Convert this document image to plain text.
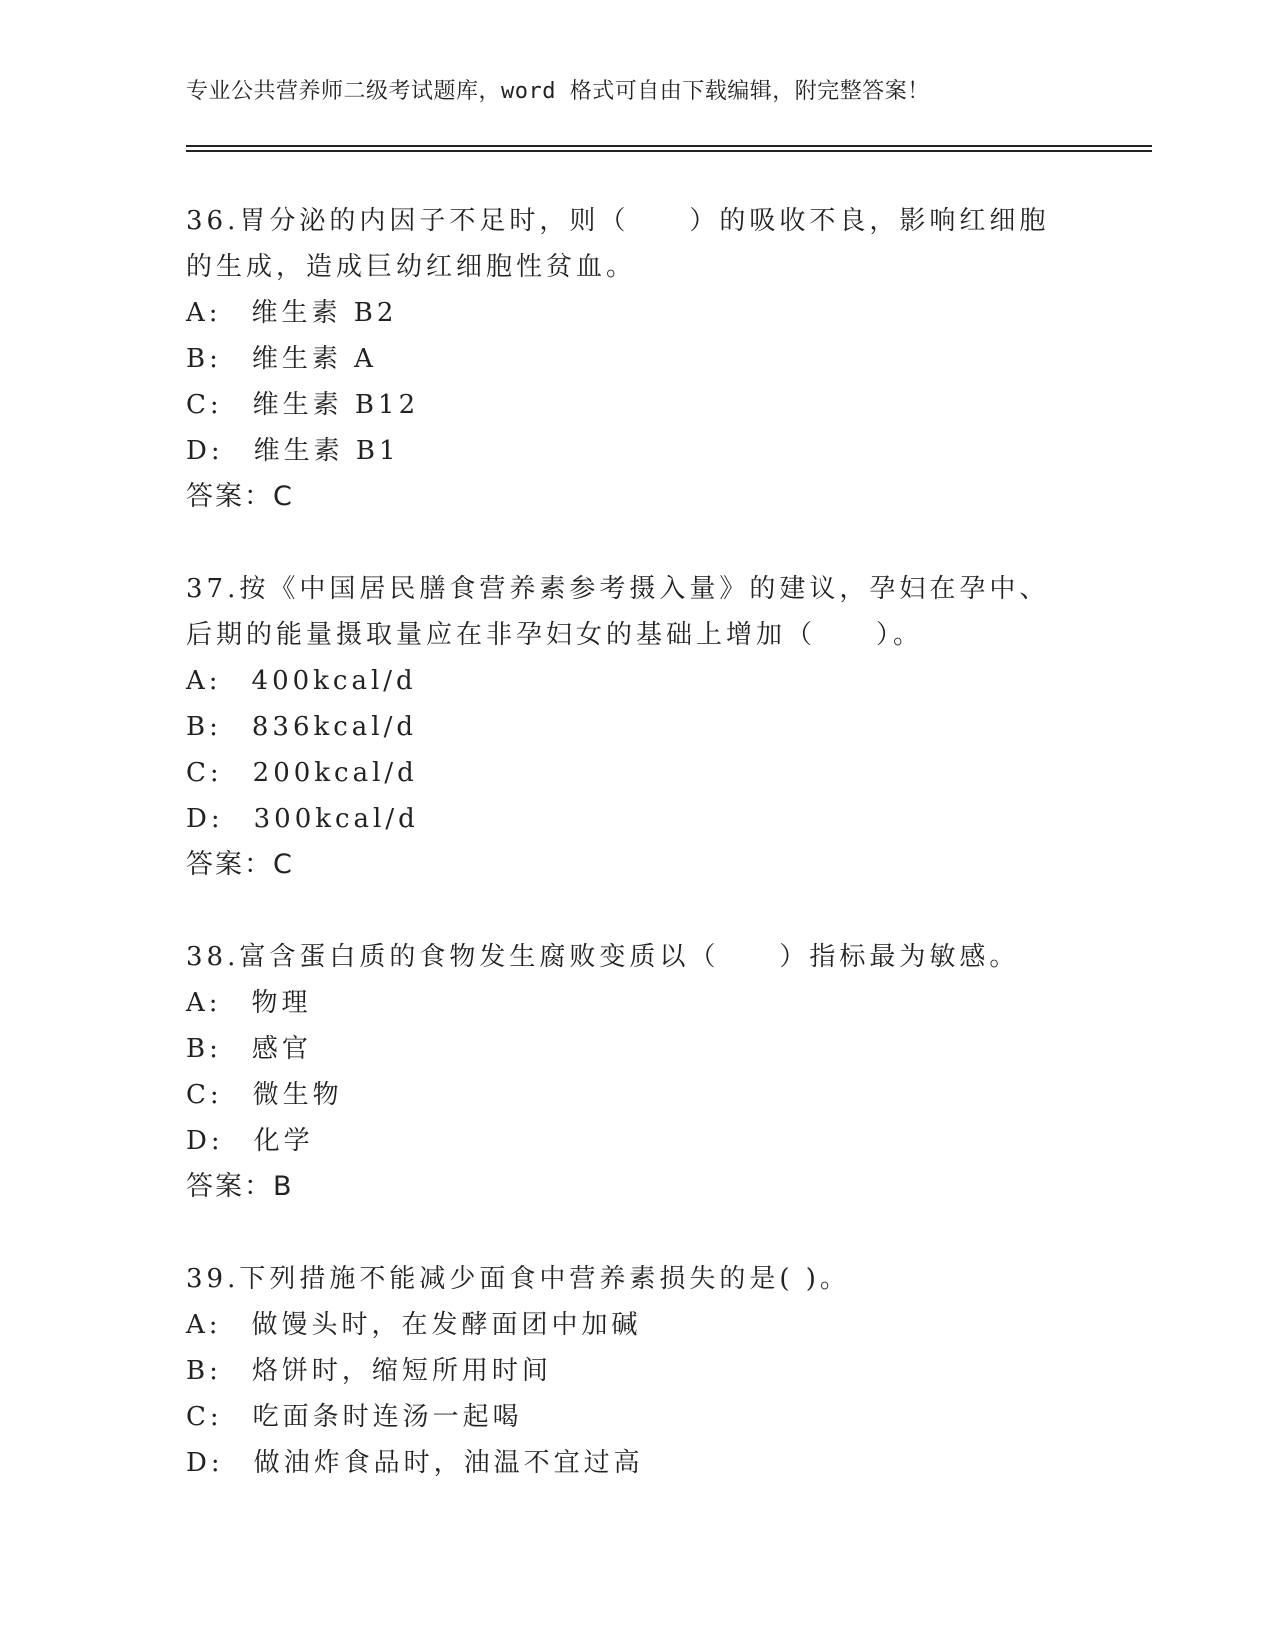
专业公共营养师二级考试题库，word 格式可自由下载编辑，附完整答案！

36.胃分泌的内因子不足时，则（　　）的吸收不良，影响红细胞的生成，造成巨幼红细胞性贫血。

A:　维生素 B2

B:　维生素 A

C:　维生素 B12

D:　维生素 B1

答案：C

37.按《中国居民膳食营养素参考摄入量》的建议，孕妇在孕中、后期的能量摄取量应在非孕妇女的基础上增加（　　）。

A:　400kcal/d

B:　836kcal/d

C:　200kcal/d

D:　300kcal/d

答案：C

38.富含蛋白质的食物发生腐败变质以（　　）指标最为敏感。

A:　物理

B:　感官

C:　微生物

D:　化学

答案：B

39.下列措施不能减少面食中营养素损失的是( )。

A:　做馒头时，在发酵面团中加碱

B:　烙饼时，缩短所用时间

C:　吃面条时连汤一起喝

D:　做油炸食品时，油温不宜过高
